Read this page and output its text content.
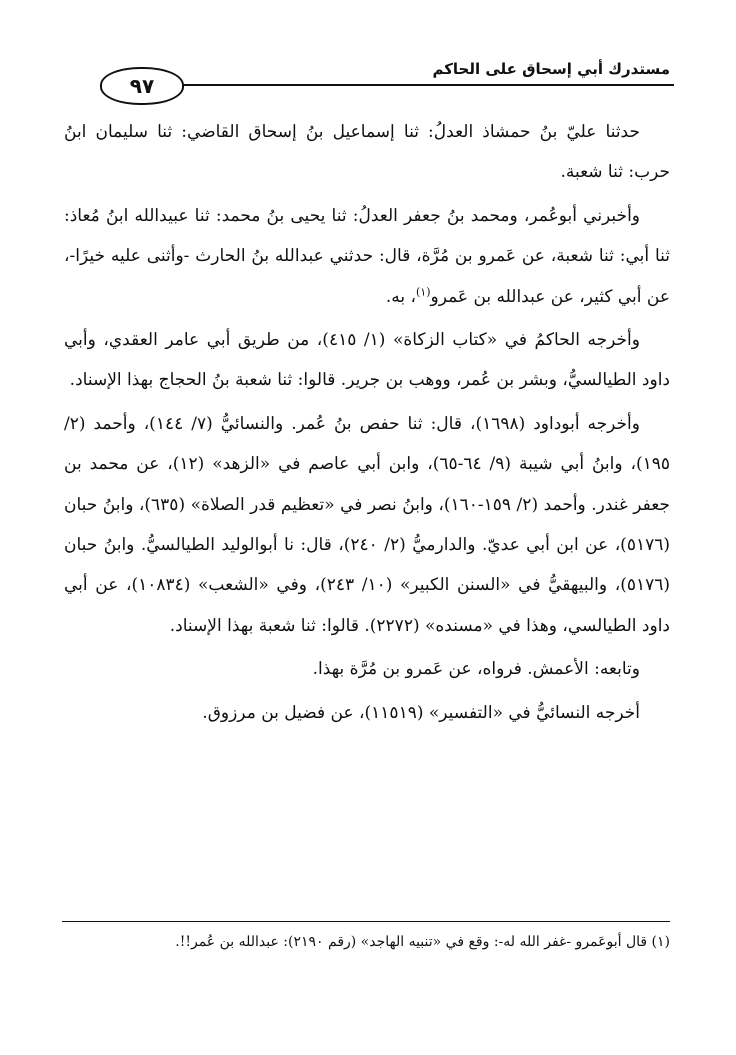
مستدرك أبي إسحاق على الحاكم
٩٧

حدثنا عليّ بنُ حمشاذ العدلُ: ثنا إسماعيل بنُ إسحاق القاضي: ثنا سليمان ابنُ حرب: ثنا شعبة.

وأخبرني أبوعُمر، ومحمد بنُ جعفر العدلُ: ثنا يحيى بنُ محمد: ثنا عبيدالله ابنُ مُعاذ: ثنا أبي: ثنا شعبة، عن عَمرو بن مُرَّة، قال: حدثني عبدالله بنُ الحارث -وأثنى عليه خيرًا-، عن أبي كثير، عن عبدالله بن عَمرو$^{(١)}$، به.

وأخرجه الحاكمُ في «كتاب الزكاة» (١/ ٤١٥)، من طريق أبي عامر العقدي، وأبي داود الطيالسيُّ، وبشر بن عُمر، ووهب بن جرير. قالوا: ثنا شعبة بنُ الحجاج بهذا الإسناد.

وأخرجه أبوداود (١٦٩٨)، قال: ثنا حفص بنُ عُمر. والنسائيُّ (٧/ ١٤٤)، وأحمد (٢/ ١٩٥)، وابنُ أبي شيبة (٩/ ٦٤-٦٥)، وابن أبي عاصم في «الزهد» (١٢)، عن محمد بن جعفر غندر. وأحمد (٢/ ١٥٩-١٦٠)، وابنُ نصر في «تعظيم قدر الصلاة» (٦٣٥)، وابنُ حبان (٥١٧٦)، عن ابن أبي عديّ. والدارميُّ (٢/ ٢٤٠)، قال: نا أبوالوليد الطيالسيُّ. وابنُ حبان (٥١٧٦)، والبيهقيُّ في «السنن الكبير» (١٠/ ٢٤٣)، وفي «الشعب» (١٠٨٣٤)، عن أبي داود الطيالسي، وهذا في «مسنده» (٢٢٧٢). قالوا: ثنا شعبة بهذا الإسناد.

وتابعه: الأعمش. فرواه، عن عَمرو بن مُرَّة بهذا.

أخرجه النسائيُّ في «التفسير» (١١٥١٩)، عن فضيل بن مرزوق.

(١) قال أبوعَمرو -غفر الله له-: وقع في «تنبيه الهاجد» (رقم ٢١٩٠): عبدالله بن عُمر!!.
